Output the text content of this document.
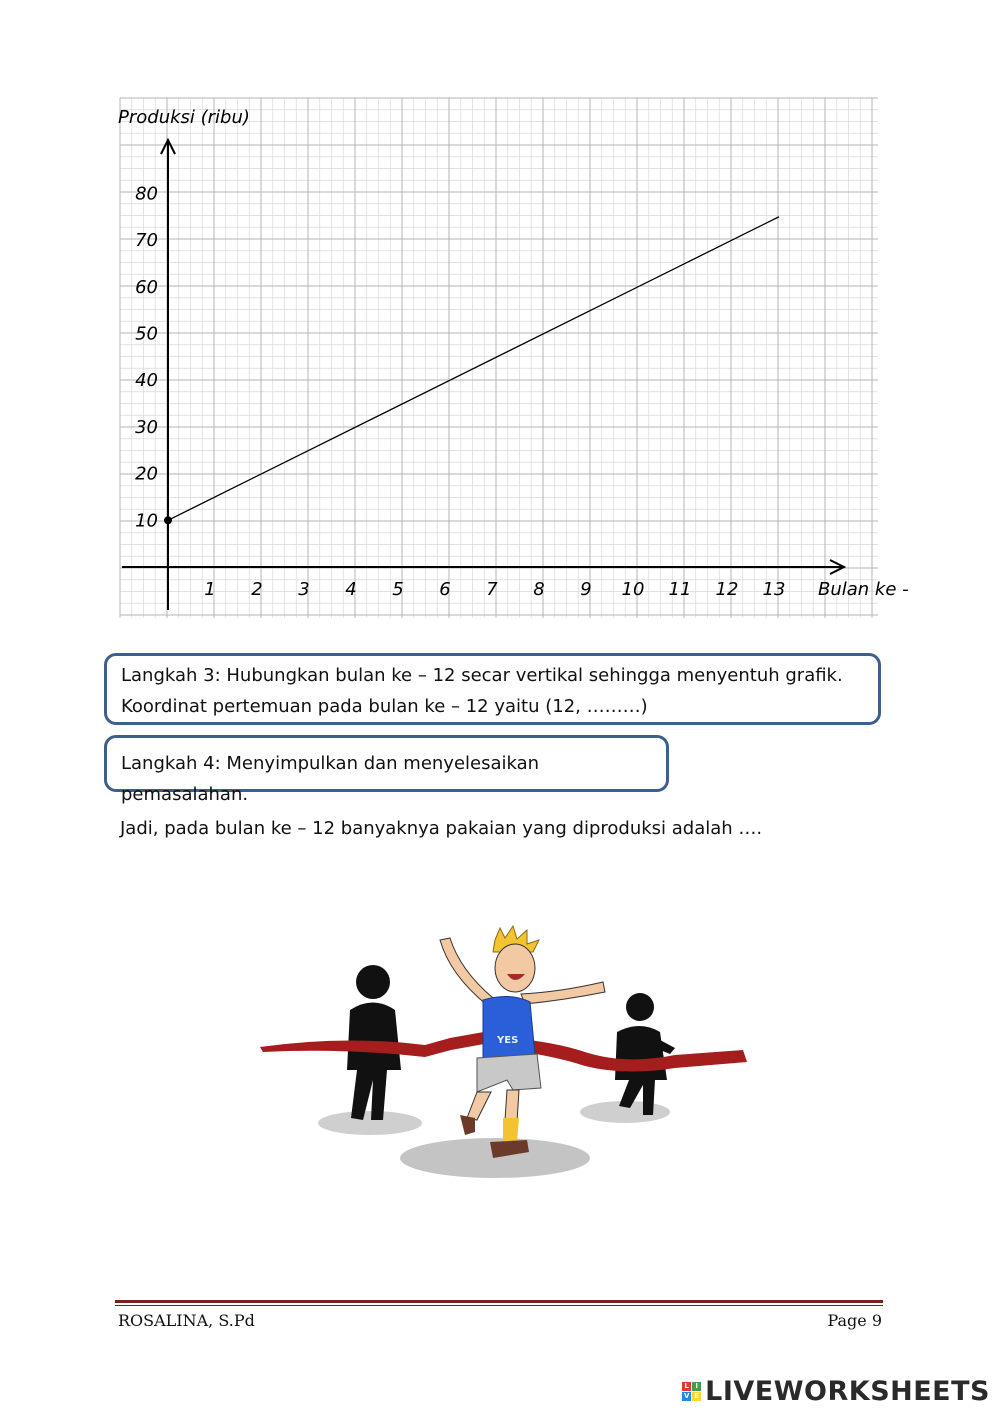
10
20
30
40
50
60
70
80
1 2 3 4 5 6 7 8 9 10 11 12 13
Produksi (ribu)
Bulan ke -
Langkah 3: Hubungkan bulan ke – 12 secar vertikal sehingga menyentuh grafik.
Koordinat pertemuan pada bulan ke – 12 yaitu (12, ………)
Langkah 4: Menyimpulkan dan menyelesaikan pemasalahan.
Jadi, pada bulan ke – 12 banyaknya pakaian yang diproduksi adalah ….
YES
ROSALINA, S.Pd	Page 9
L I
V E LIVEWORKSHEETS
